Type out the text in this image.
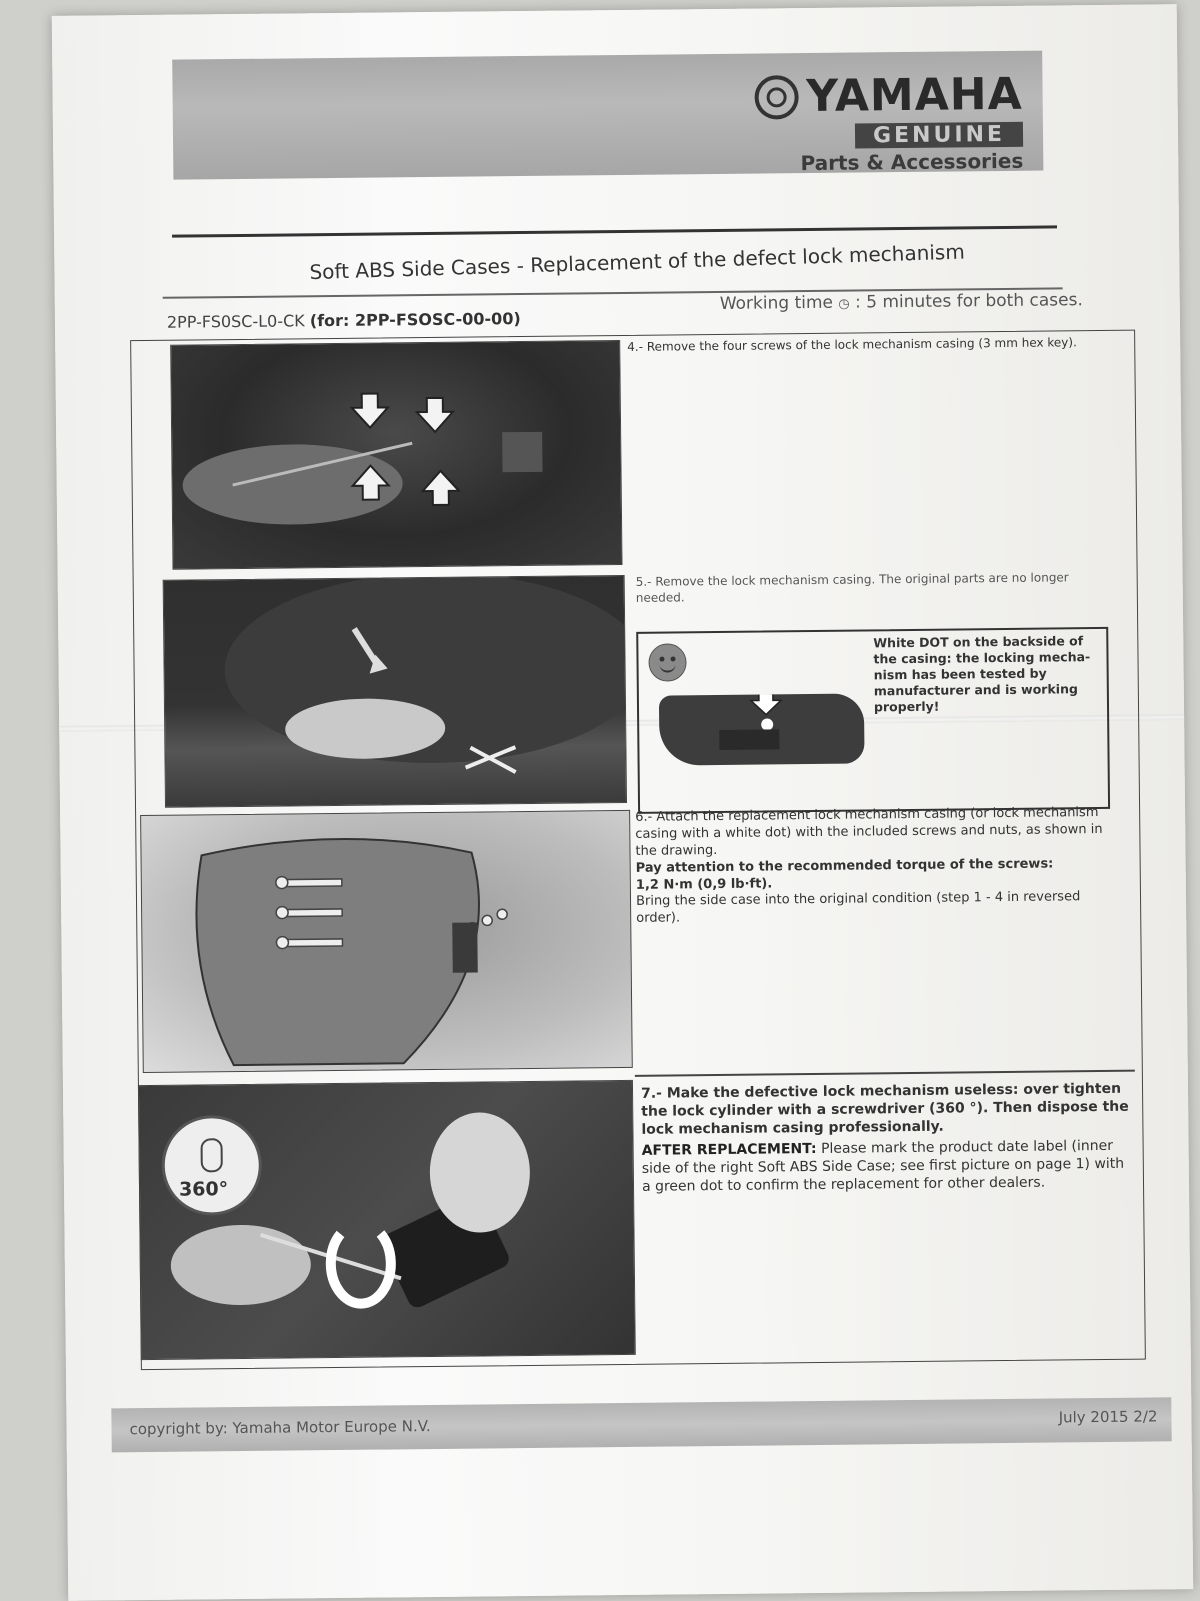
YAMAHA
GENUINE
Parts & Accessories
Soft ABS Side Cases - Replacement of the defect lock mechanism
2PP-FS0SC-L0-CK (for: 2PP-FSOSC-00-00)
Working time ◷ : 5 minutes for both cases.
4.- Remove the four screws of the lock mechanism casing (3 mm hex key).
5.- Remove the lock mechanism casing. The original parts are no longer needed.
White DOT on the backside of the casing: the locking mecha-nism has been tested by manufacturer and is working properly!
6.- Attach the replacement lock mechanism casing (or lock mechanism casing with a white dot) with the included screws and nuts, as shown in the drawing.
Pay attention to the recommended torque of the screws:
1,2 N·m (0,9 lb·ft).
Bring the side case into the original condition (step 1 - 4 in reversed order).
360°
7.- Make the defective lock mechanism useless: over tighten the lock cylinder with a screwdriver (360 °). Then dispose the lock mechanism casing professionally.
AFTER REPLACEMENT: Please mark the product date label (inner side of the right Soft ABS Side Case; see first picture on page 1) with a green dot to confirm the replacement for other dealers.
copyright by: Yamaha Motor Europe N.V.
July 2015 2/2
